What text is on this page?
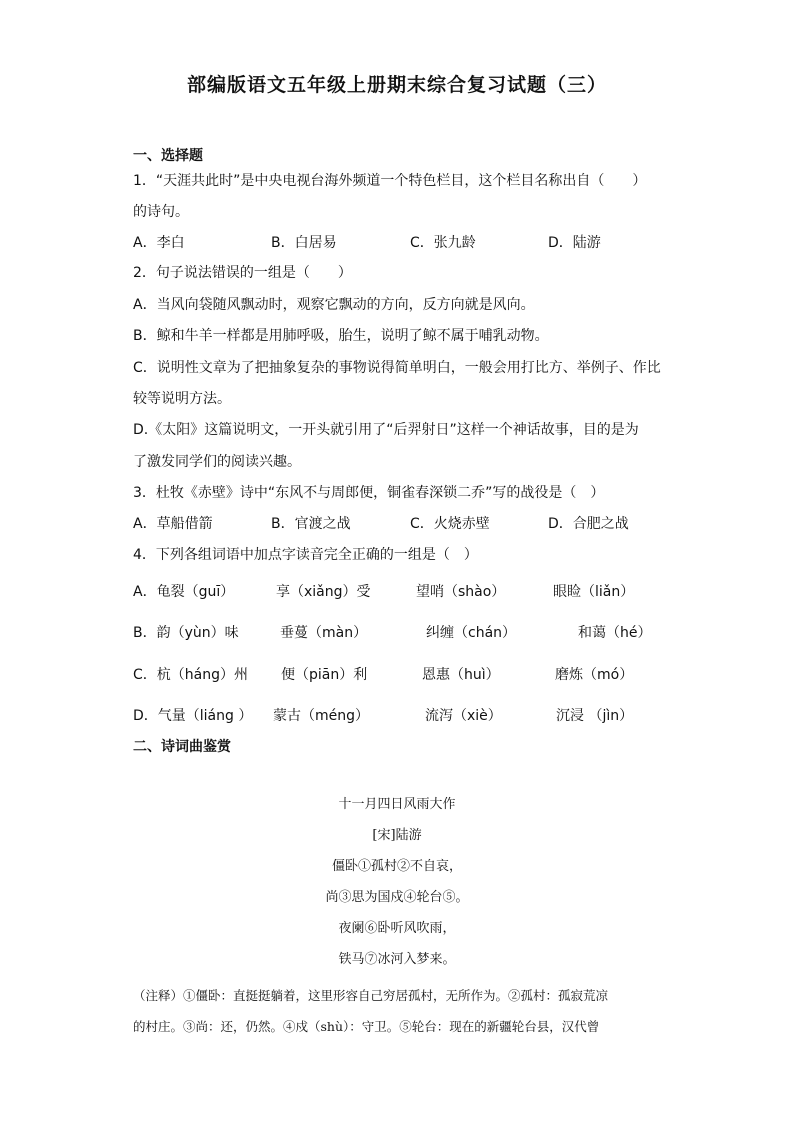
部编版语文五年级上册期末综合复习试题（三）
一、选择题
1．“天涯共此时”是中央电视台海外频道一个特色栏目，这个栏目名称出自（　　）
的诗句。
A．李白	B．白居易	C．张九龄	D．陆游
2．句子说法错误的一组是（　　）
A．当风向袋随风飘动时，观察它飘动的方向，反方向就是风向。
B．鲸和牛羊一样都是用肺呼吸，胎生，说明了鲸不属于哺乳动物。
C．说明性文章为了把抽象复杂的事物说得简单明白，一般会用打比方、举例子、作比
较等说明方法。
D.《太阳》这篇说明文，一开头就引用了“后羿射日”这样一个神话故事，目的是为
了激发同学们的阅读兴趣。
3．杜牧《赤壁》诗中“东风不与周郎便，铜雀春深锁二乔”写的战役是（　）
A．草船借箭	B．官渡之战	C．火烧赤壁	D．合肥之战
4．下列各组词语中加点字读音完全正确的一组是（　）
A．龟裂（guī）	享（xiǎng）受	望哨（shào）	眼睑（liǎn）
B．韵（yùn）味	垂蔓（màn）	纠缠（chán）	和蔼（hé）
C．杭（háng）州 便（piān）利	恩惠（huì）	磨炼（mó）
D．气量（liáng ） 蒙古（méng）	流泻（xiè）	沉浸 （jìn）
二、诗词曲鉴赏
十一月四日风雨大作
[宋]陆游
僵卧①孤村②不自哀，
尚③思为国戍④轮台⑤。
夜阑⑥卧听风吹雨，
铁马⑦冰河入梦来。
（注释）①僵卧：直挺挺躺着，这里形容自己穷居孤村，无所作为。②孤村：孤寂荒凉
的村庄。③尚：还，仍然。④戍（shù）：守卫。⑤轮台：现在的新疆轮台县，汉代曾
